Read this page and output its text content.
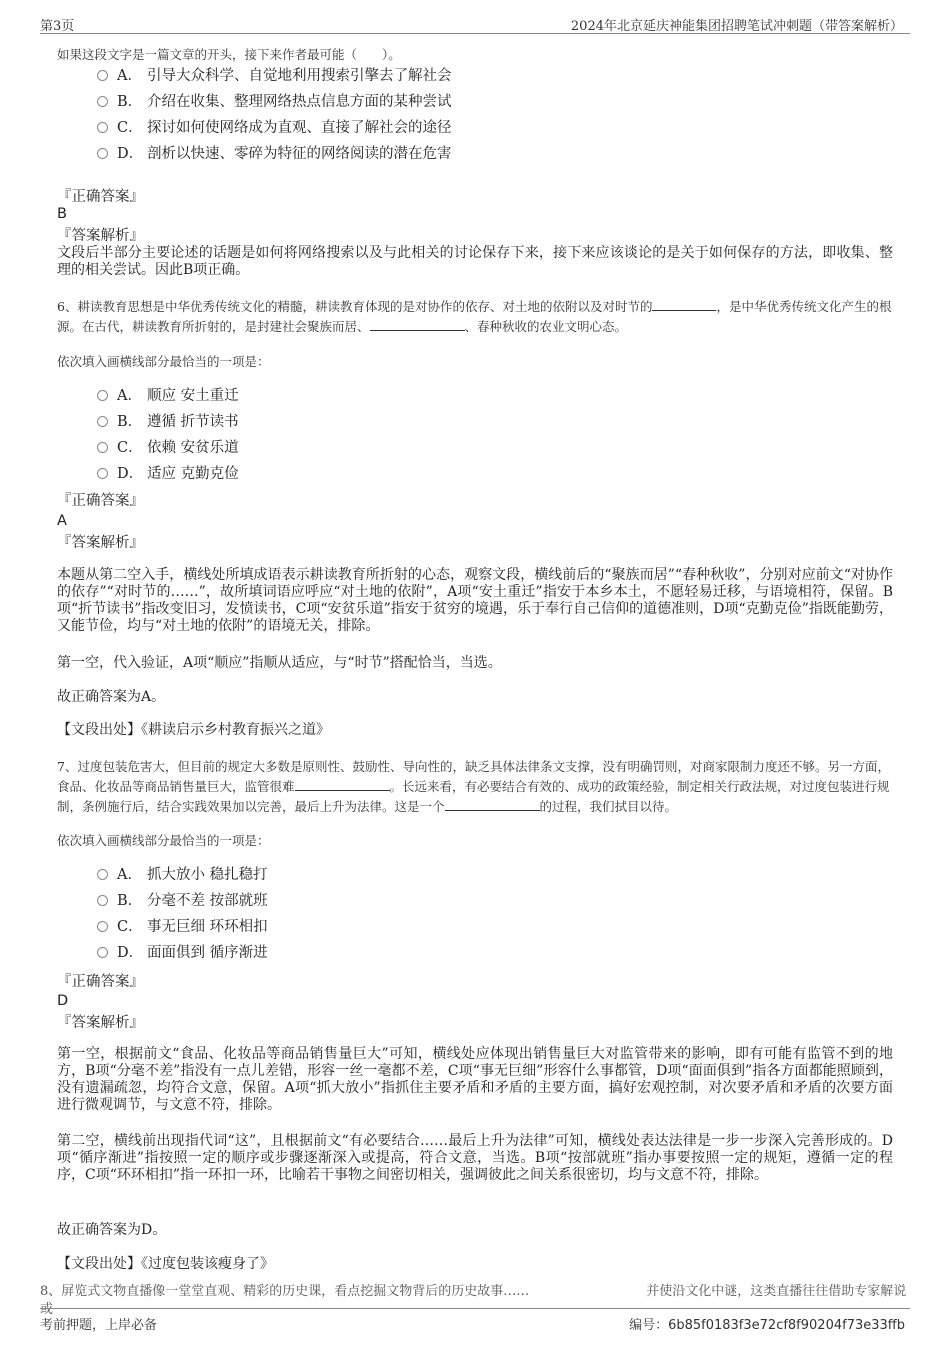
第3页	2024年北京延庆神能集团招聘笔试冲刺题（带答案解析）
如果这段文字是一篇文章的开头，接下来作者最可能（　　）。
A． 引导大众科学、自觉地利用搜索引擎去了解社会
B． 介绍在收集、整理网络热点信息方面的某种尝试
C． 探讨如何使网络成为直观、直接了解社会的途径
D． 剖析以快速、零碎为特征的网络阅读的潜在危害
『正确答案』
B
『答案解析』
文段后半部分主要论述的话题是如何将网络搜索以及与此相关的讨论保存下来，接下来应该谈论的是关于如何保存的方法，即收集、整理的相关尝试。因此B项正确。
6、耕读教育思想是中华优秀传统文化的精髓，耕读教育体现的是对协作的依存、对土地的依附以及对时节的	，是中华优秀传统文化产生的根源。在古代，耕读教育所折射的，是封建社会聚族而居、	、春种秋收的农业文明心态。
依次填入画横线部分最恰当的一项是：
A． 顺应 安土重迁
B． 遵循 折节读书
C． 依赖 安贫乐道
D． 适应 克勤克俭
『正确答案』
A
『答案解析』
本题从第二空入手，横线处所填成语表示耕读教育所折射的心态，观察文段，横线前后的“聚族而居”“春种秋收”，分别对应前文“对协作的依存”“对时节的……”，故所填词语应呼应“对土地的依附”，A项“安土重迁”指安于本乡本土，不愿轻易迁移，与语境相符，保留。B项“折节读书”指改变旧习，发愤读书，C项“安贫乐道”指安于贫穷的境遇，乐于奉行自己信仰的道德准则，D项“克勤克俭”指既能勤劳，又能节俭，均与“对土地的依附”的语境无关，排除。
第一空，代入验证，A项“顺应”指顺从适应，与“时节”搭配恰当，当选。
故正确答案为A。
【文段出处】《耕读启示乡村教育振兴之道》
7、过度包装危害大，但目前的规定大多数是原则性、鼓励性、导向性的，缺乏具体法律条文支撑，没有明确罚则，对商家限制力度还不够。另一方面，食品、化妆品等商品销售量巨大，监管很难	。长远来看，有必要结合有效的、成功的政策经验，制定相关行政法规，对过度包装进行规制，条例施行后，结合实践效果加以完善，最后上升为法律。这是一个	的过程，我们拭目以待。
依次填入画横线部分最恰当的一项是：
A． 抓大放小 稳扎稳打
B． 分毫不差 按部就班
C． 事无巨细 环环相扣
D． 面面俱到 循序渐进
『正确答案』
D
『答案解析』
第一空，根据前文“食品、化妆品等商品销售量巨大”可知，横线处应体现出销售量巨大对监管带来的影响，即有可能有监管不到的地方，B项“分毫不差”指没有一点儿差错，形容一丝一毫都不差，C项“事无巨细”形容什么事都管，D项“面面俱到”指各方面都能照顾到，没有遗漏疏忽，均符合文意，保留。A项“抓大放小”指抓住主要矛盾和矛盾的主要方面，搞好宏观控制，对次要矛盾和矛盾的次要方面进行微观调节，与文意不符，排除。
第二空，横线前出现指代词“这”，且根据前文“有必要结合……最后上升为法律”可知，横线处表达法律是一步一步深入完善形成的。D项“循序渐进”指按照一定的顺序或步骤逐渐深入或提高，符合文意，当选。B项“按部就班”指办事要按照一定的规矩，遵循一定的程序，C项“环环相扣”指一环扣一环，比喻若干事物之间密切相关，强调彼此之间关系很密切，均与文意不符，排除。
故正确答案为D。
【文段出处】《过度包装该瘦身了》
8、屏览式文物直播像一堂堂直观、精彩的历史课，看点挖掘文物背后的历史故事……　　　　　　　　　并使沿文化中谜，这类直播往往借助专家解说或
考前押题，上岸必备	编号：6b85f0183f3e72cf8f90204f73e33ffb
